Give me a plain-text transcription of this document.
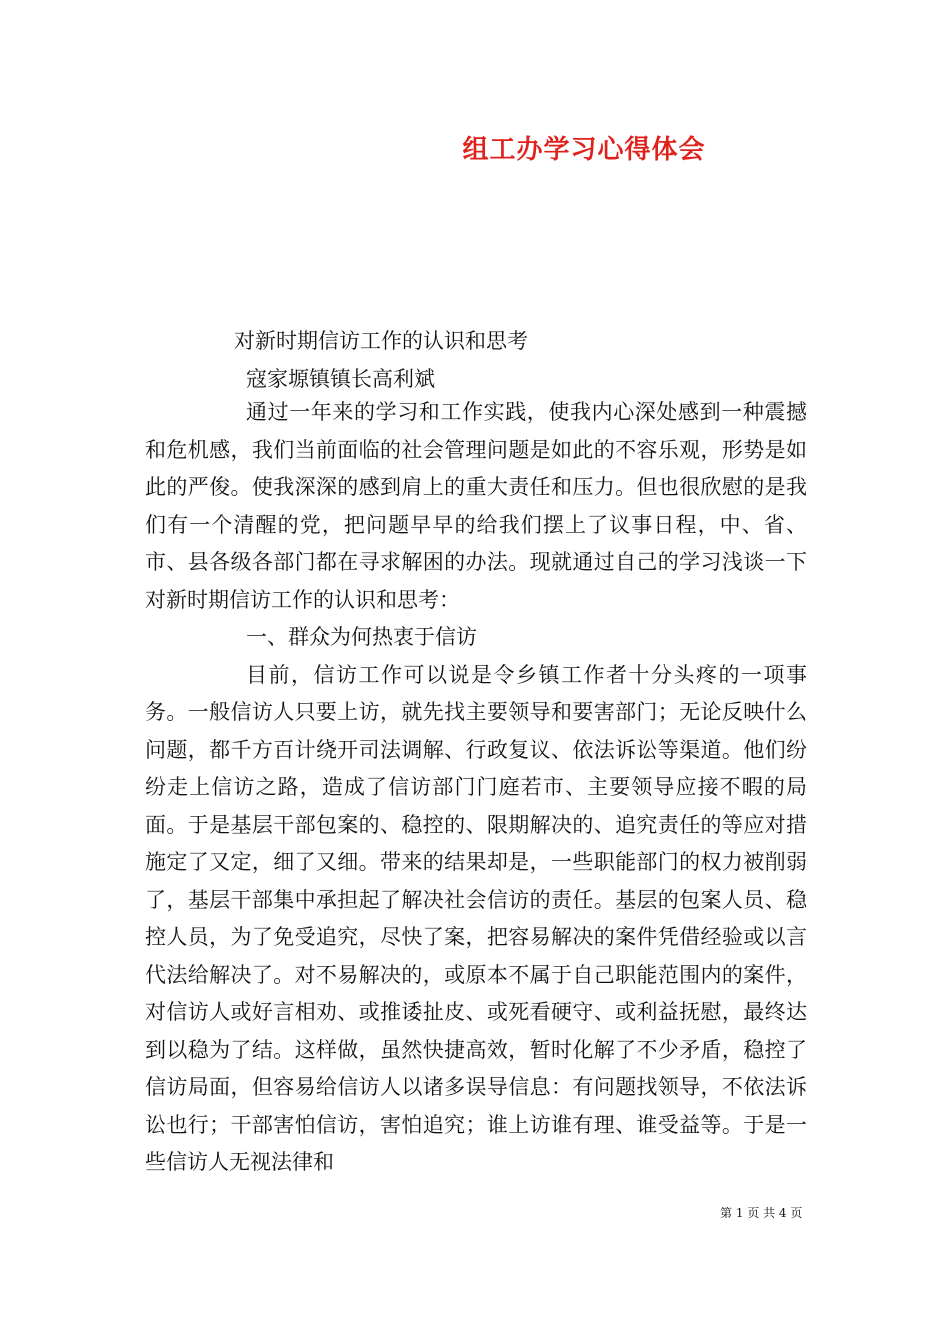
组工办学习心得体会
对新时期信访工作的认识和思考
寇家塬镇镇长高利斌

通过一年来的学习和工作实践，使我内心深处感到一种震撼和危机感，我们当前面临的社会管理问题是如此的不容乐观，形势是如此的严俊。使我深深的感到肩上的重大责任和压力。但也很欣慰的是我们有一个清醒的党，把问题早早的给我们摆上了议事日程，中、省、市、县各级各部门都在寻求解困的办法。现就通过自己的学习浅谈一下对新时期信访工作的认识和思考：

一、群众为何热衷于信访

目前，信访工作可以说是令乡镇工作者十分头疼的一项事务。一般信访人只要上访，就先找主要领导和要害部门；无论反映什么问题，都千方百计绕开司法调解、行政复议、依法诉讼等渠道。他们纷纷走上信访之路，造成了信访部门门庭若市、主要领导应接不暇的局面。于是基层干部包案的、稳控的、限期解决的、追究责任的等应对措施定了又定，细了又细。带来的结果却是，一些职能部门的权力被削弱了，基层干部集中承担起了解决社会信访的责任。基层的包案人员、稳控人员，为了免受追究，尽快了案，把容易解决的案件凭借经验或以言代法给解决了。对不易解决的，或原本不属于自己职能范围内的案件，对信访人或好言相劝、或推诿扯皮、或死看硬守、或利益抚慰，最终达到以稳为了结。这样做，虽然快捷高效，暂时化解了不少矛盾，稳控了信访局面，但容易给信访人以诸多误导信息：有问题找领导，不依法诉讼也行；干部害怕信访，害怕追究；谁上访谁有理、谁受益等。于是一些信访人无视法律和

第 1 页 共 4 页
